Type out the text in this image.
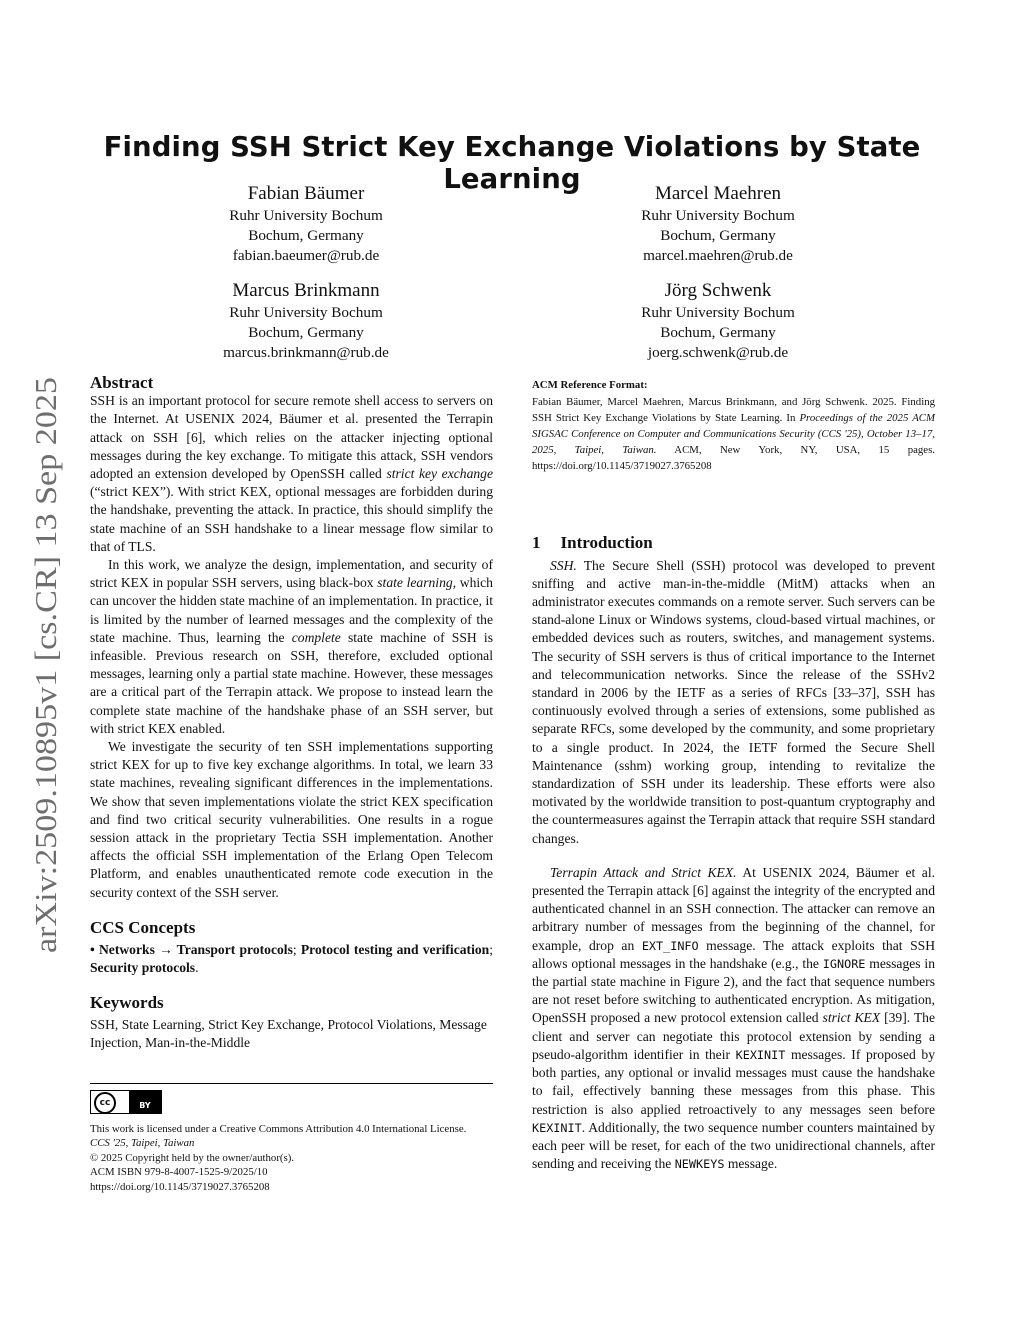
arXiv:2509.10895v1 [cs.CR] 13 Sep 2025
Finding SSH Strict Key Exchange Violations by State Learning
Fabian Bäumer
Ruhr University Bochum
Bochum, Germany
fabian.baeumer@rub.de
Marcel Maehren
Ruhr University Bochum
Bochum, Germany
marcel.maehren@rub.de
Marcus Brinkmann
Ruhr University Bochum
Bochum, Germany
marcus.brinkmann@rub.de
Jörg Schwenk
Ruhr University Bochum
Bochum, Germany
joerg.schwenk@rub.de
Abstract

SSH is an important protocol for secure remote shell access to servers on the Internet. At USENIX 2024, Bäumer et al. presented the Terrapin attack on SSH [6], which relies on the attacker injecting optional messages during the key exchange. To mitigate this attack, SSH vendors adopted an extension developed by OpenSSH called strict key exchange (“strict KEX”). With strict KEX, optional messages are forbidden during the handshake, preventing the attack. In practice, this should simplify the state machine of an SSH handshake to a linear message flow similar to that of TLS.

In this work, we analyze the design, implementation, and security of strict KEX in popular SSH servers, using black-box state learning, which can uncover the hidden state machine of an implementation. In practice, it is limited by the number of learned messages and the complexity of the state machine. Thus, learning the complete state machine of SSH is infeasible. Previous research on SSH, therefore, excluded optional messages, learning only a partial state machine. However, these messages are a critical part of the Terrapin attack. We propose to instead learn the complete state machine of the handshake phase of an SSH server, but with strict KEX enabled.

We investigate the security of ten SSH implementations supporting strict KEX for up to five key exchange algorithms. In total, we learn 33 state machines, revealing significant differences in the implementations. We show that seven implementations violate the strict KEX specification and find two critical security vulnerabilities. One results in a rogue session attack in the proprietary Tectia SSH implementation. Another affects the official SSH implementation of the Erlang Open Telecom Platform, and enables unauthenticated remote code execution in the security context of the SSH server.

CCS Concepts

• Networks → Transport protocols; Protocol testing and verification; Security protocols.

Keywords

SSH, State Learning, Strict Key Exchange, Protocol Violations, Message Injection, Man-in-the-Middle

cc	BY
This work is licensed under a Creative Commons Attribution 4.0 International License.
CCS '25, Taipei, Taiwan
© 2025 Copyright held by the owner/author(s).
ACM ISBN 979-8-4007-1525-9/2025/10
https://doi.org/10.1145/3719027.3765208
ACM Reference Format:

Fabian Bäumer, Marcel Maehren, Marcus Brinkmann, and Jörg Schwenk. 2025. Finding SSH Strict Key Exchange Violations by State Learning. In Proceedings of the 2025 ACM SIGSAC Conference on Computer and Communications Security (CCS '25), October 13–17, 2025, Taipei, Taiwan. ACM, New York, NY, USA, 15 pages. https://doi.org/10.1145/3719027.3765208

1 Introduction

SSH. The Secure Shell (SSH) protocol was developed to prevent sniffing and active man-in-the-middle (MitM) attacks when an administrator executes commands on a remote server. Such servers can be stand-alone Linux or Windows systems, cloud-based virtual machines, or embedded devices such as routers, switches, and management systems. The security of SSH servers is thus of critical importance to the Internet and telecommunication networks. Since the release of the SSHv2 standard in 2006 by the IETF as a series of RFCs [33–37], SSH has continuously evolved through a series of extensions, some published as separate RFCs, some developed by the community, and some proprietary to a single product. In 2024, the IETF formed the Secure Shell Maintenance (sshm) working group, intending to revitalize the standardization of SSH under its leadership. These efforts were also motivated by the worldwide transition to post-quantum cryptography and the countermeasures against the Terrapin attack that require SSH standard changes.

Terrapin Attack and Strict KEX. At USENIX 2024, Bäumer et al. presented the Terrapin attack [6] against the integrity of the encrypted and authenticated channel in an SSH connection. The attacker can remove an arbitrary number of messages from the beginning of the channel, for example, drop an EXT_INFO message. The attack exploits that SSH allows optional messages in the handshake (e.g., the IGNORE messages in the partial state machine in Figure 2), and the fact that sequence numbers are not reset before switching to authenticated encryption. As mitigation, OpenSSH proposed a new protocol extension called strict KEX [39]. The client and server can negotiate this protocol extension by sending a pseudo-algorithm identifier in their KEXINIT messages. If proposed by both parties, any optional or invalid messages must cause the handshake to fail, effectively banning these messages from this phase. This restriction is also applied retroactively to any messages seen before KEXINIT. Additionally, the two sequence number counters maintained by each peer will be reset, for each of the two unidirectional channels, after sending and receiving the NEWKEYS message.
